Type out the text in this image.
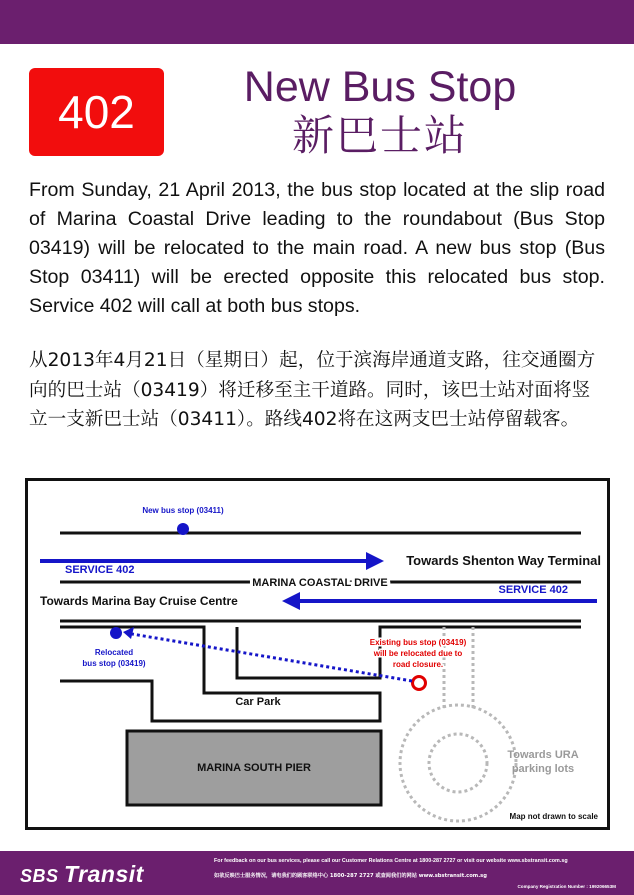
402	New Bus Stop
新巴士站
From Sunday, 21 April 2013, the bus stop located at the slip road of Marina Coastal Drive leading to the roundabout (Bus Stop 03419) will be relocated to the main road. A new bus stop (Bus Stop 03411) will be erected opposite this relocated bus stop. Service 402 will call at both bus stops.
从2013年4月21日（星期日）起，位于滨海岸通道支路，往交通圈方向的巴士站（03419）将迁移至主干道路。同时，该巴士站对面将竖立一支新巴士站（03411）。路线402将在这两支巴士站停留载客。
New bus stop (03411)
SERVICE 402
Towards Shenton Way Terminal
MARINA COASTAL DRIVE
SERVICE 402
Towards Marina Bay Cruise Centre
Relocated
bus stop (03419)
Existing bus stop (03419)
will be relocated due to
road closure.
Car Park
MARINA SOUTH PIER
Towards URA
parking lots
Map not drawn to scale
SBS Transit	For feedback on our bus services, please call our Customer Relations Centre at 1800-287 2727 or visit our website www.sbstransit.com.sg
如欲反映巴士服务情况，请电我们的顾客联络中心 1800-287 2727 或查阅我们的网站 www.sbstransit.com.sg
Company Registration Number : 199206653M
